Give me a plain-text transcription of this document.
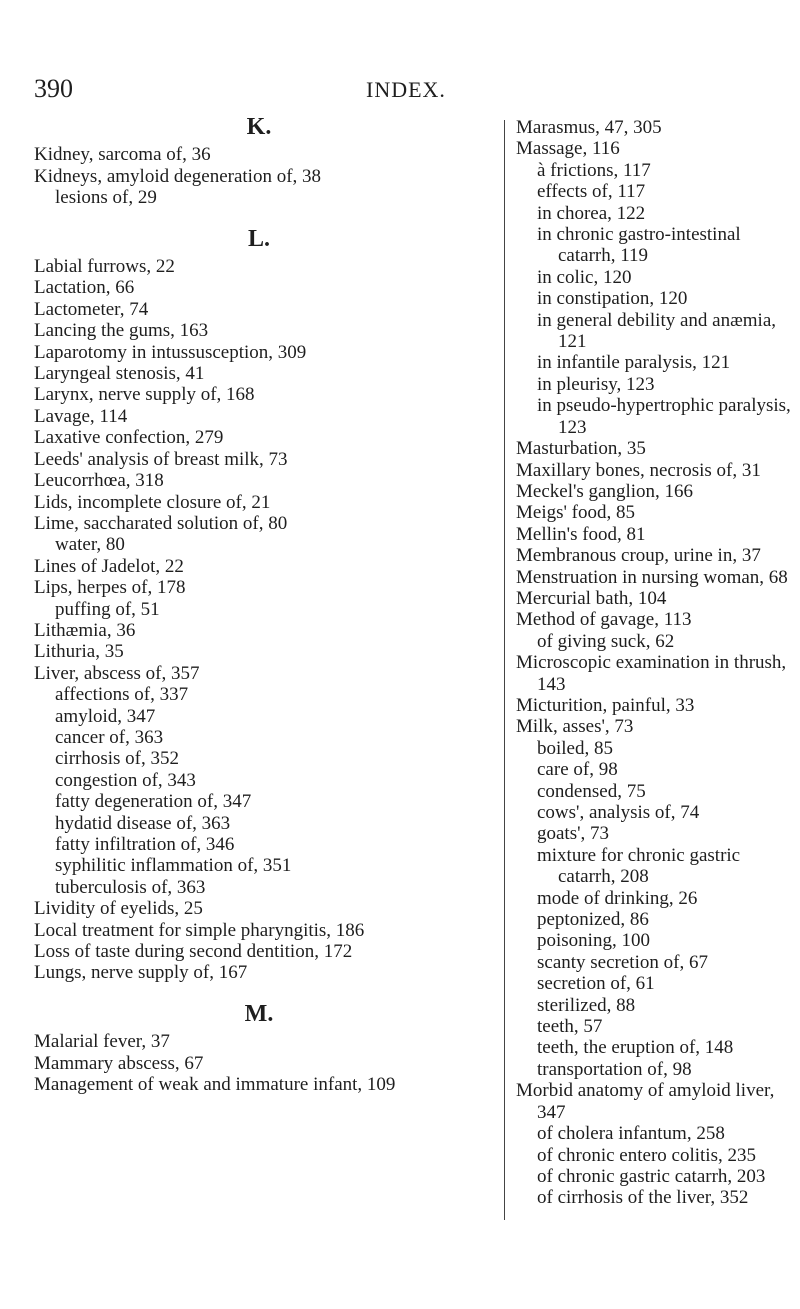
390	INDEX.

K.

Kidney, sarcoma of, 36

Kidneys, amyloid degeneration of, 38

lesions of, 29

L.

Labial furrows, 22

Lactation, 66

Lactometer, 74

Lancing the gums, 163

Laparotomy in intussusception, 309

Laryngeal stenosis, 41

Larynx, nerve supply of, 168

Lavage, 114

Laxative confection, 279

Leeds' analysis of breast milk, 73

Leucorrhœa, 318

Lids, incomplete closure of, 21

Lime, saccharated solution of, 80

water, 80

Lines of Jadelot, 22

Lips, herpes of, 178

puffing of, 51

Lithæmia, 36

Lithuria, 35

Liver, abscess of, 357

affections of, 337

amyloid, 347

cancer of, 363

cirrhosis of, 352

congestion of, 343

fatty degeneration of, 347

hydatid disease of, 363

fatty infiltration of, 346

syphilitic inflammation of, 351

tuberculosis of, 363

Lividity of eyelids, 25

Local treatment for simple pharyngitis, 186

Loss of taste during second dentition, 172

Lungs, nerve supply of, 167

M.

Malarial fever, 37

Mammary abscess, 67

Management of weak and immature infant, 109

Marasmus, 47, 305

Massage, 116

à frictions, 117

effects of, 117

in chorea, 122

in chronic gastro-intestinal catarrh, 119

in colic, 120

in constipation, 120

in general debility and anæmia, 121

in infantile paralysis, 121

in pleurisy, 123

in pseudo-hypertrophic paralysis, 123

Masturbation, 35

Maxillary bones, necrosis of, 31

Meckel's ganglion, 166

Meigs' food, 85

Mellin's food, 81

Membranous croup, urine in, 37

Menstruation in nursing woman, 68

Mercurial bath, 104

Method of gavage, 113

of giving suck, 62

Microscopic examination in thrush, 143

Micturition, painful, 33

Milk, asses', 73

boiled, 85

care of, 98

condensed, 75

cows', analysis of, 74

goats', 73

mixture for chronic gastric catarrh, 208

mode of drinking, 26

peptonized, 86

poisoning, 100

scanty secretion of, 67

secretion of, 61

sterilized, 88

teeth, 57

teeth, the eruption of, 148

transportation of, 98

Morbid anatomy of amyloid liver, 347

of cholera infantum, 258

of chronic entero colitis, 235

of chronic gastric catarrh, 203

of cirrhosis of the liver, 352
